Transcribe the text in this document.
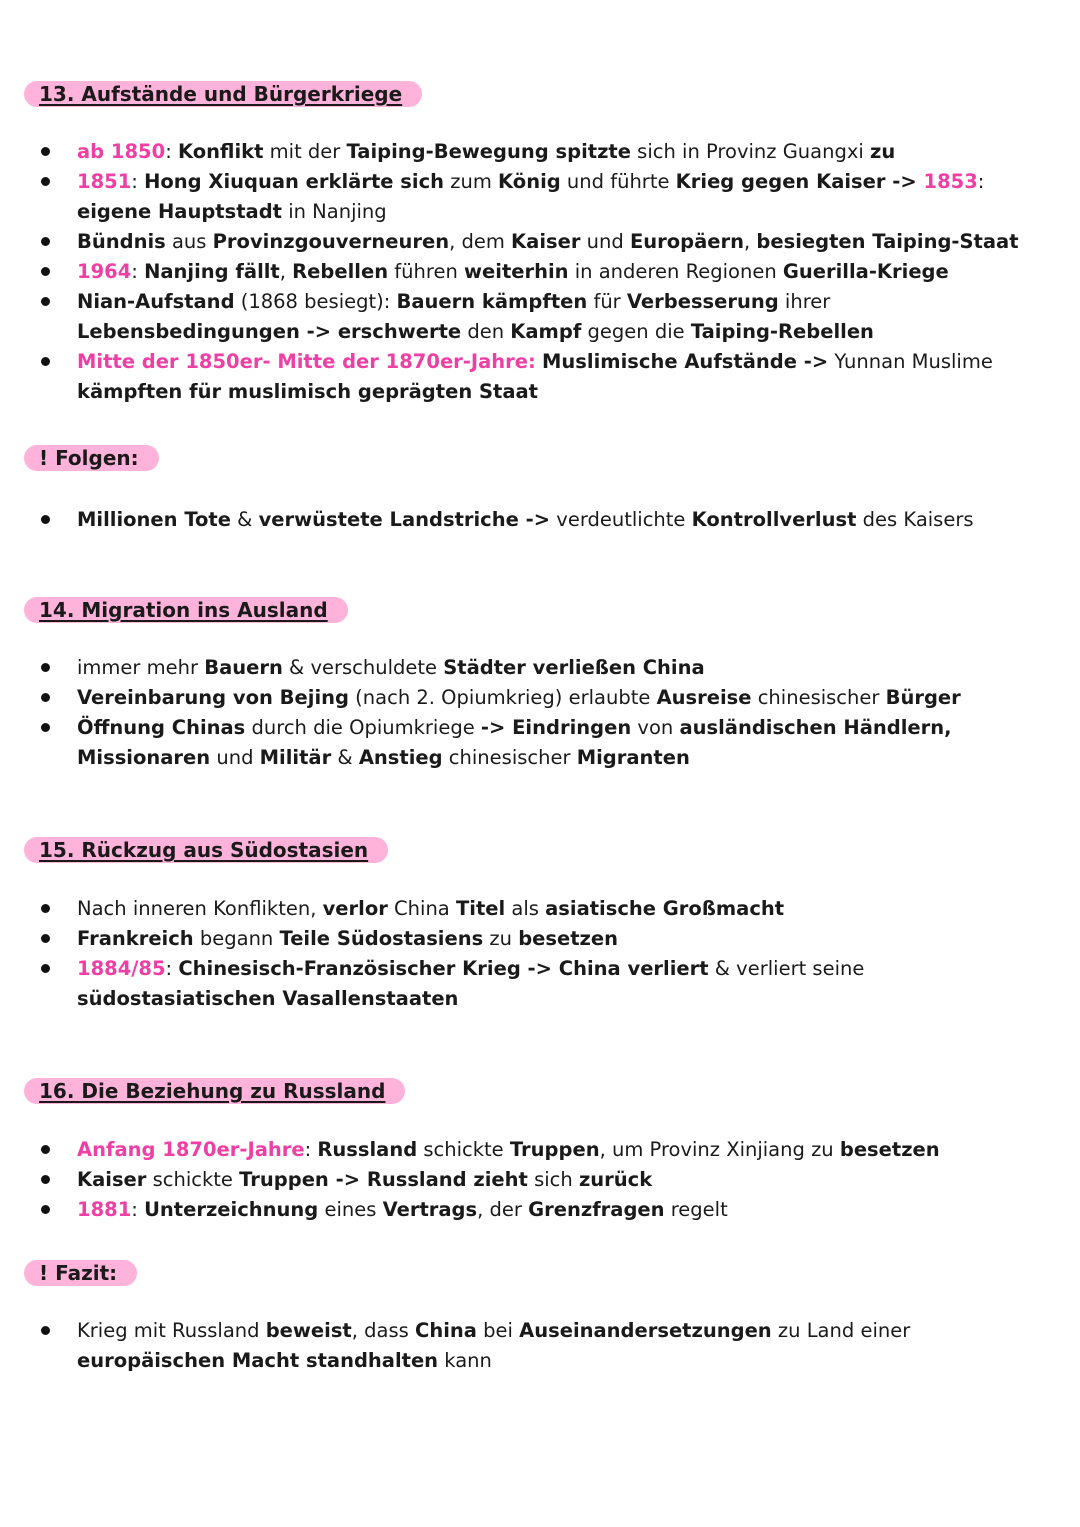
13. Aufstände und Bürgerkriege
ab 1850: Konflikt mit der Taiping-Bewegung spitzte sich in Provinz Guangxi zu
1851: Hong Xiuquan erklärte sich zum König und führte Krieg gegen Kaiser -> 1853: eigene Hauptstadt in Nanjing
Bündnis aus Provinzgouverneuren, dem Kaiser und Europäern, besiegten Taiping-Staat
1964: Nanjing fällt, Rebellen führen weiterhin in anderen Regionen Guerilla-Kriege
Nian-Aufstand (1868 besiegt): Bauern kämpften für Verbesserung ihrer Lebensbedingungen -> erschwerte den Kampf gegen die Taiping-Rebellen
Mitte der 1850er- Mitte der 1870er-Jahre: Muslimische Aufstände -> Yunnan Muslime kämpften für muslimisch geprägten Staat
! Folgen:
Millionen Tote & verwüstete Landstriche -> verdeutlichte Kontrollverlust des Kaisers
14. Migration ins Ausland
immer mehr Bauern & verschuldete Städter verließen China
Vereinbarung von Bejing (nach 2. Opiumkrieg) erlaubte Ausreise chinesischer Bürger
Öffnung Chinas durch die Opiumkriege -> Eindringen von ausländischen Händlern, Missionaren und Militär & Anstieg chinesischer Migranten
15. Rückzug aus Südostasien
Nach inneren Konflikten, verlor China Titel als asiatische Großmacht
Frankreich begann Teile Südostasiens zu besetzen
1884/85: Chinesisch-Französischer Krieg -> China verliert & verliert seine südostasiatischen Vasallenstaaten
16. Die Beziehung zu Russland
Anfang 1870er-Jahre: Russland schickte Truppen, um Provinz Xinjiang zu besetzen
Kaiser schickte Truppen -> Russland zieht sich zurück
1881: Unterzeichnung eines Vertrags, der Grenzfragen regelt
! Fazit:
Krieg mit Russland beweist, dass China bei Auseinandersetzungen zu Land einer europäischen Macht standhalten kann
